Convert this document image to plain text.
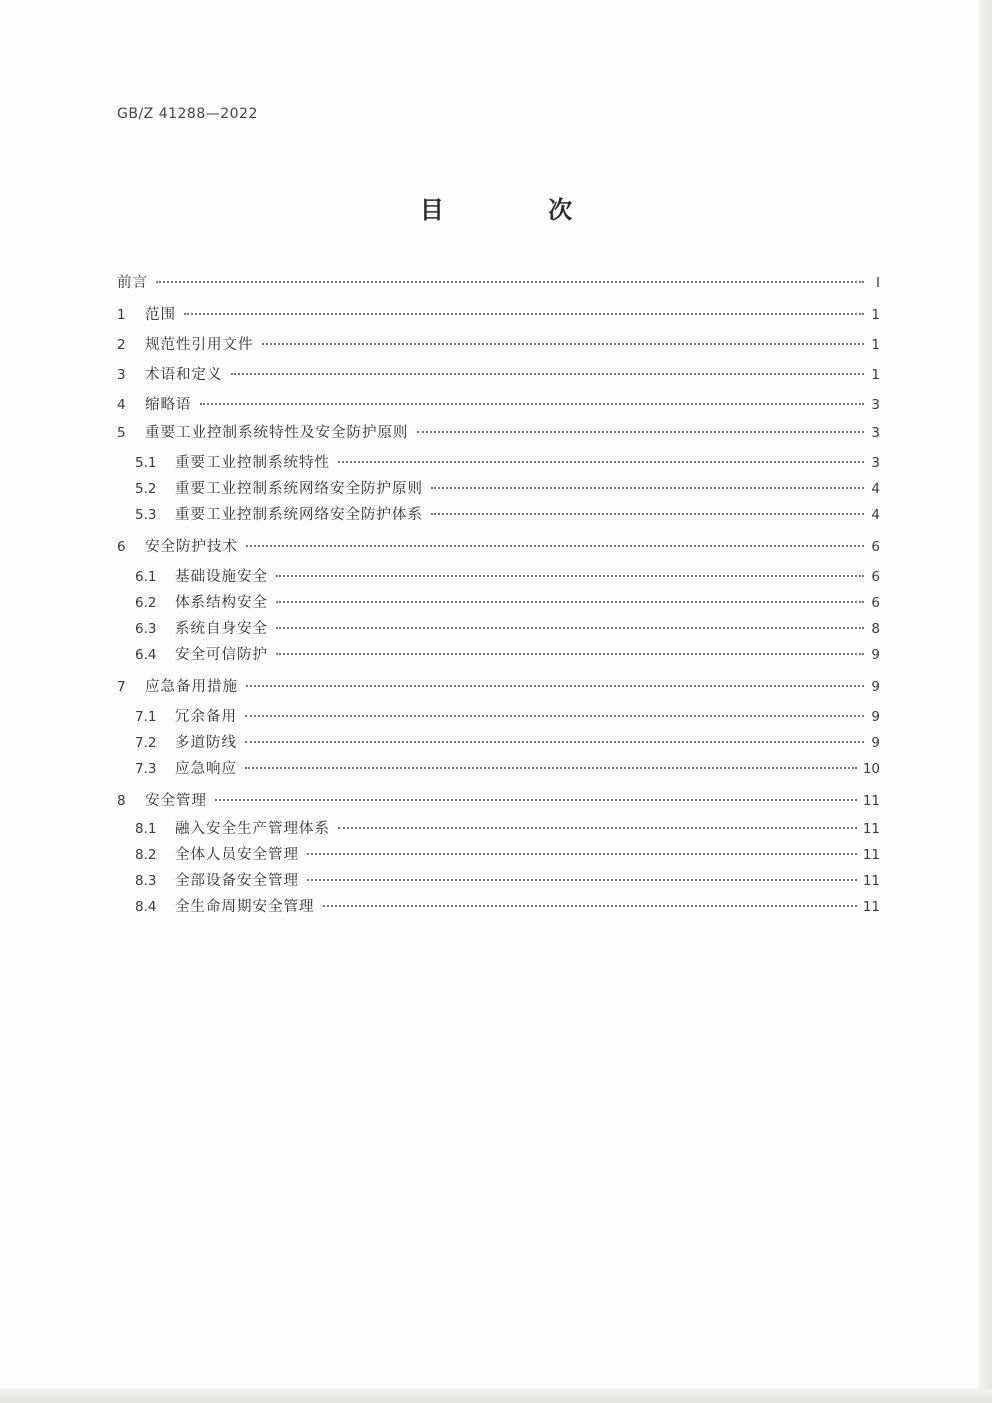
GB/Z 41288—2022
目 次
前言	Ⅰ
1	范围	1
2	规范性引用文件	1
3	术语和定义	1
4	缩略语	3
5	重要工业控制系统特性及安全防护原则	3
5.1	重要工业控制系统特性	3
5.2	重要工业控制系统网络安全防护原则	4
5.3	重要工业控制系统网络安全防护体系	4
6	安全防护技术	6
6.1	基础设施安全	6
6.2	体系结构安全	6
6.3	系统自身安全	8
6.4	安全可信防护	9
7	应急备用措施	9
7.1	冗余备用	9
7.2	多道防线	9
7.3	应急响应	10
8	安全管理	11
8.1	融入安全生产管理体系	11
8.2	全体人员安全管理	11
8.3	全部设备安全管理	11
8.4	全生命周期安全管理	11
